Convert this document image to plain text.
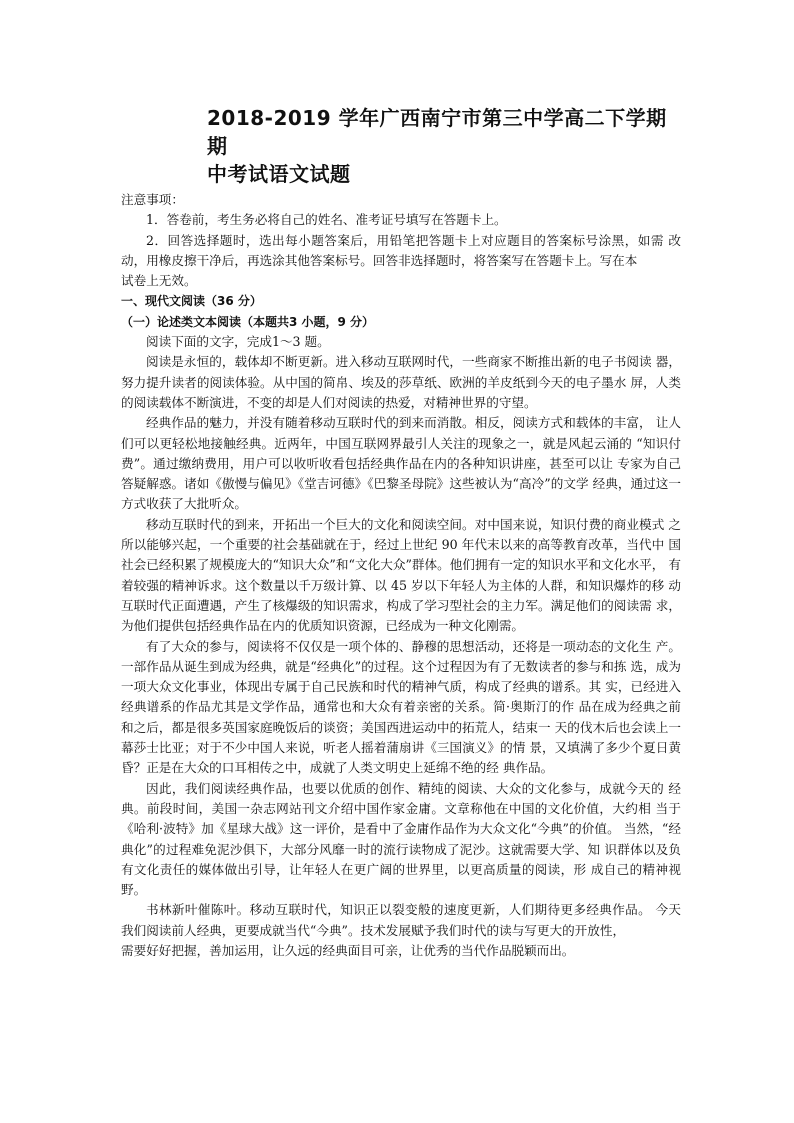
2018-2019 学年广西南宁市第三中学高二下学期期
中考试语文试题

注意事项：

1．答卷前，考生务必将自己的姓名、准考证号填写在答题卡上。

2．回答选择题时，选出每小题答案后，用铅笔把答题卡上对应题目的答案标号涂黑，如需 改动，用橡皮擦干净后，再选涂其他答案标号。回答非选择题时，将答案写在答题卡上。写在本

试卷上无效。

一、现代文阅读（36 分）

（一）论述类文本阅读（本题共3 小题，9 分）

阅读下面的文字，完成1～3 题。

阅读是永恒的，载体却不断更新。进入移动互联网时代，一些商家不断推出新的电子书阅读 器，努力提升读者的阅读体验。从中国的简帛、埃及的莎草纸、欧洲的羊皮纸到今天的电子墨水 屏，人类的阅读载体不断演进，不变的却是人们对阅读的热爱，对精神世界的守望。

经典作品的魅力，并没有随着移动互联时代的到来而消散。相反，阅读方式和载体的丰富， 让人们可以更轻松地接触经典。近两年，中国互联网界最引人关注的现象之一，就是风起云涌的 “知识付费”。通过缴纳费用，用户可以收听收看包括经典作品在内的各种知识讲座，甚至可以让 专家为自己答疑解惑。诸如《傲慢与偏见》《堂吉诃德》《巴黎圣母院》这些被认为“高冷”的文学 经典，通过这一方式收获了大批听众。

移动互联时代的到来，开拓出一个巨大的文化和阅读空间。对中国来说，知识付费的商业模式 之所以能够兴起，一个重要的社会基础就在于，经过上世纪 90 年代末以来的高等教育改革，当代中 国社会已经积累了规模庞大的“知识大众”和“文化大众”群体。他们拥有一定的知识水平和文化水平， 有着较强的精神诉求。这个数量以千万级计算、以 45 岁以下年轻人为主体的人群，和知识爆炸的移 动互联时代正面遭遇，产生了核爆级的知识需求，构成了学习型社会的主力军。满足他们的阅读需 求，为他们提供包括经典作品在内的优质知识资源，已经成为一种文化刚需。

有了大众的参与，阅读将不仅仅是一项个体的、静穆的思想活动，还将是一项动态的文化生 产。一部作品从诞生到成为经典，就是“经典化”的过程。这个过程因为有了无数读者的参与和拣 选，成为一项大众文化事业，体现出专属于自己民族和时代的精神气质，构成了经典的谱系。其 实，已经进入经典谱系的作品尤其是文学作品，通常也和大众有着亲密的关系。简·奥斯汀的作 品在成为经典之前和之后，都是很多英国家庭晚饭后的谈资；美国西进运动中的拓荒人，结束一 天的伐木后也会读上一幕莎士比亚；对于不少中国人来说，听老人摇着蒲扇讲《三国演义》的情 景，又填满了多少个夏日黄昏？正是在大众的口耳相传之中，成就了人类文明史上延绵不绝的经 典作品。

因此，我们阅读经典作品，也要以优质的创作、精纯的阅读、大众的文化参与，成就今天的 经典。前段时间，美国一杂志网站刊文介绍中国作家金庸。文章称他在中国的文化价值，大约相 当于《哈利·波特》加《星球大战》这一评价，是看中了金庸作品作为大众文化“今典”的价值。 当然，“经典化”的过程难免泥沙俱下，大部分风靡一时的流行读物成了泥沙。这就需要大学、知 识群体以及负有文化责任的媒体做出引导，让年轻人在更广阔的世界里，以更高质量的阅读，形 成自己的精神视野。

书林新叶催陈叶。移动互联时代，知识正以裂变般的速度更新，人们期待更多经典作品。 今天 我们阅读前人经典，更要成就当代“今典”。技术发展赋予我们时代的读与写更大的开放性，

需要好好把握，善加运用，让久远的经典面目可亲，让优秀的当代作品脱颖而出。
